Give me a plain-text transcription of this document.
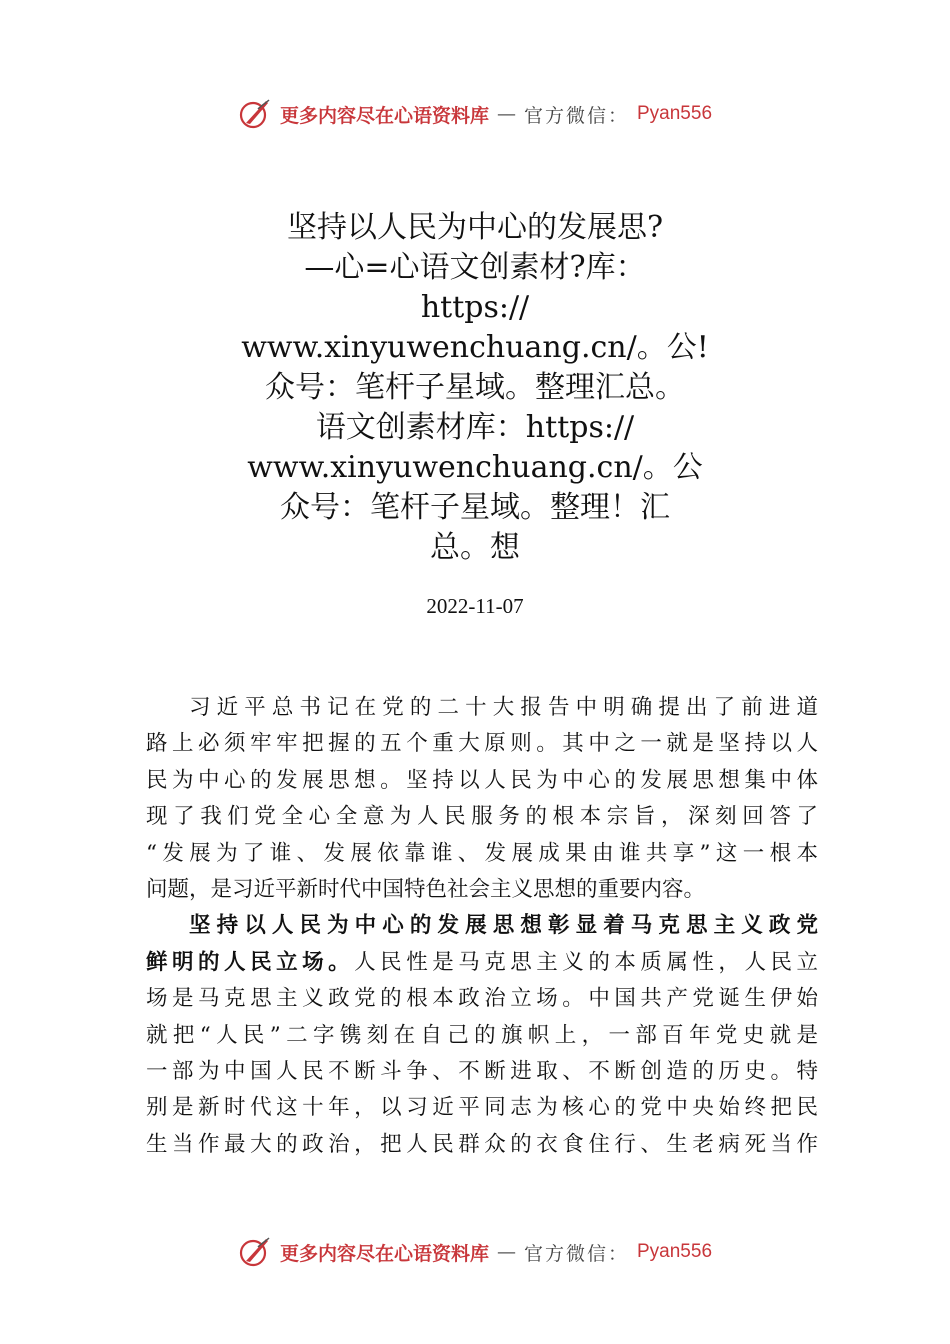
更多内容尽在心语资料库 — 官方微信： Pyan556
坚持以人民为中心的发展思?
—心=心语文创素材?库：
https://
www.xinyuwenchuang.cn/。公!
众号：笔杆子星域。整理汇总。
语文创素材库：https://
www.xinyuwenchuang.cn/。公
众号：笔杆子星域。整理！汇
总。想
2022-11-07
习近平总书记在党的二十大报告中明确提出了前进道
路上必须牢牢把握的五个重大原则。其中之一就是坚持以人
民为中心的发展思想。坚持以人民为中心的发展思想集中体
现了我们党全心全意为人民服务的根本宗旨，深刻回答了
“发展为了谁、发展依靠谁、发展成果由谁共享”这一根本
问题，是习近平新时代中国特色社会主义思想的重要内容。
坚持以人民为中心的发展思想彰显着马克思主义政党
鲜明的人民立场。人民性是马克思主义的本质属性，人民立
场是马克思主义政党的根本政治立场。中国共产党诞生伊始
就把“人民”二字镌刻在自己的旗帜上，一部百年党史就是
一部为中国人民不断斗争、不断进取、不断创造的历史。特
别是新时代这十年，以习近平同志为核心的党中央始终把民
生当作最大的政治，把人民群众的衣食住行、生老病死当作
更多内容尽在心语资料库 — 官方微信： Pyan556
